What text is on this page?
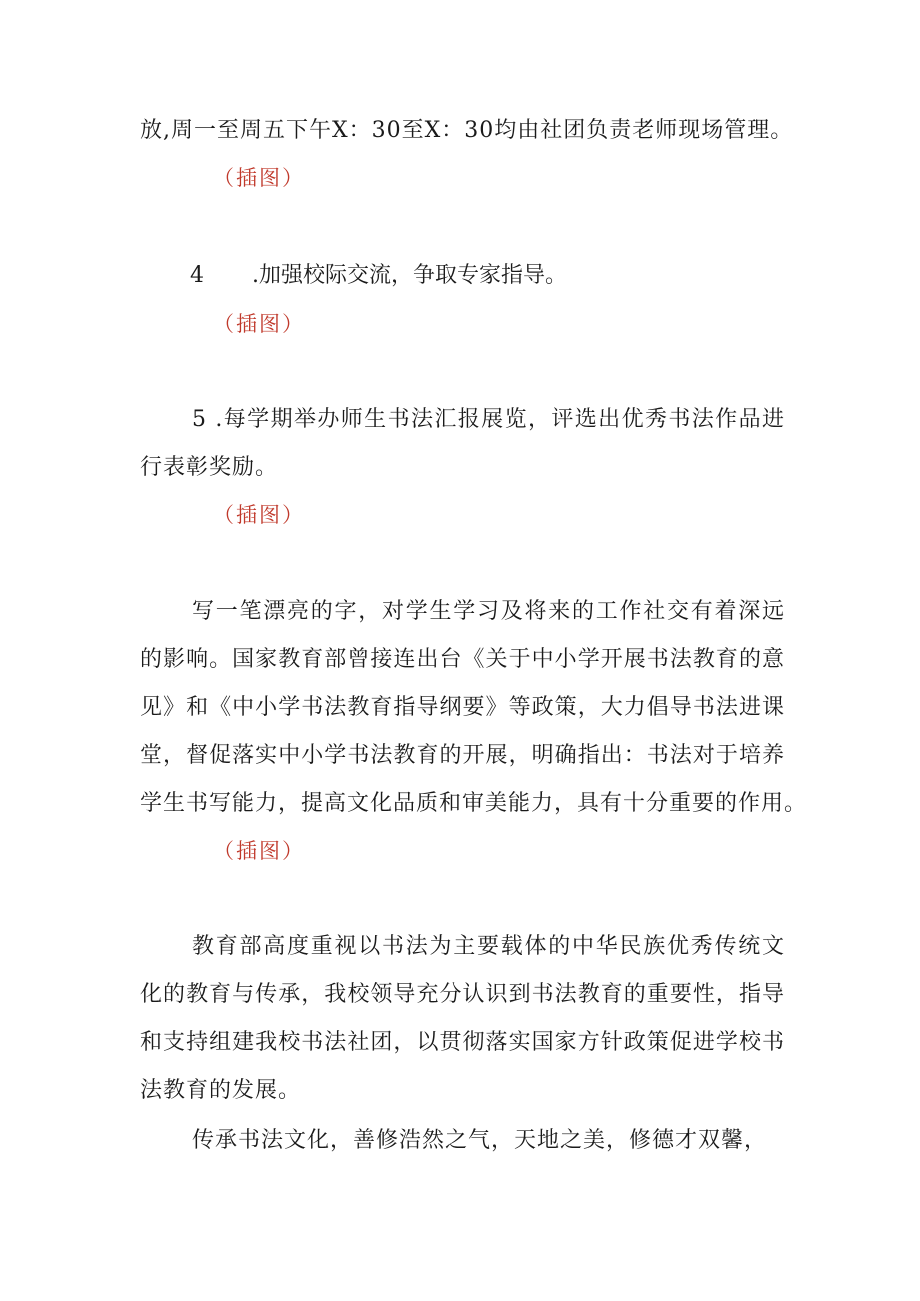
放,周一至周五下午X：30至X：30均由社团负责老师现场管理。
（插图）
4 .加强校际交流，争取专家指导。
（插图）
5 .每学期举办师生书法汇报展览，评选出优秀书法作品进
行表彰奖励。
（插图）
写一笔漂亮的字，对学生学习及将来的工作社交有着深远
的影响。国家教育部曾接连出台《关于中小学开展书法教育的意
见》和《中小学书法教育指导纲要》等政策，大力倡导书法进课
堂，督促落实中小学书法教育的开展，明确指出：书法对于培养
学生书写能力，提高文化品质和审美能力，具有十分重要的作用。
（插图）
教育部高度重视以书法为主要载体的中华民族优秀传统文
化的教育与传承，我校领导充分认识到书法教育的重要性，指导
和支持组建我校书法社团，以贯彻落实国家方针政策促进学校书
法教育的发展。
传承书法文化，善修浩然之气，天地之美，修德才双馨，
